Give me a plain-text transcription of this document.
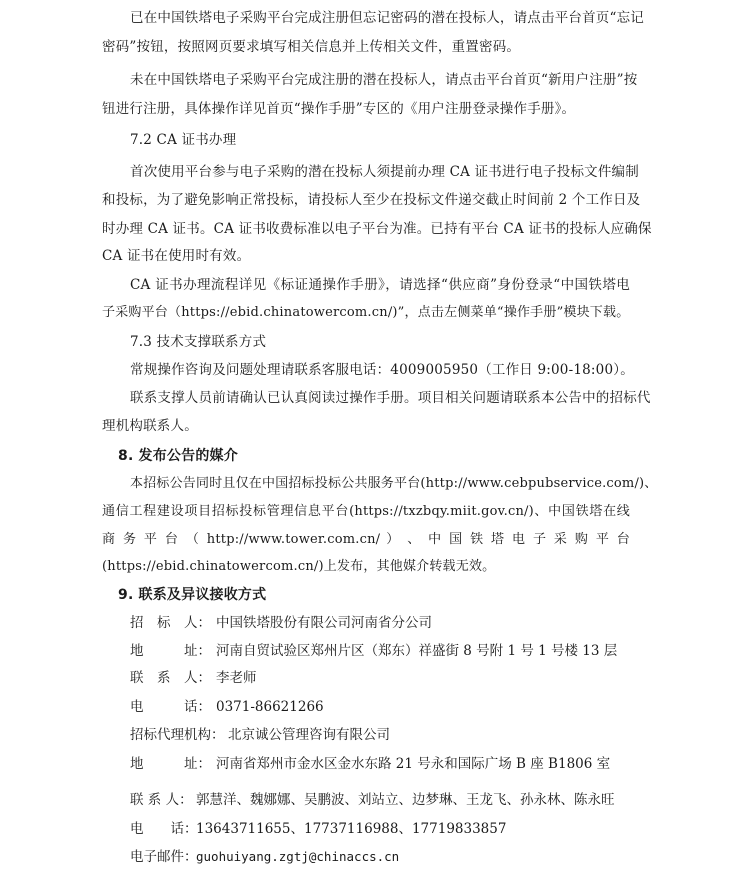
已在中国铁塔电子采购平台完成注册但忘记密码的潜在投标人，请点击平台首页“忘记
密码”按钮，按照网页要求填写相关信息并上传相关文件，重置密码。
未在中国铁塔电子采购平台完成注册的潜在投标人，请点击平台首页“新用户注册”按
钮进行注册，具体操作详见首页“操作手册”专区的《用户注册登录操作手册》。
7.2 CA 证书办理
首次使用平台参与电子采购的潜在投标人须提前办理 CA 证书进行电子投标文件编制
和投标，为了避免影响正常投标，请投标人至少在投标文件递交截止时间前 2 个工作日及
时办理 CA 证书。CA 证书收费标准以电子平台为准。已持有平台 CA 证书的投标人应确保
CA 证书在使用时有效。
CA 证书办理流程详见《标证通操作手册》，请选择“供应商”身份登录“中国铁塔电
子采购平台（https://ebid.chinatowercom.cn/)”，点击左侧菜单“操作手册”模块下载。
7.3 技术支撑联系方式
常规操作咨询及问题处理请联系客服电话：4009005950（工作日 9:00-18:00）。
联系支撑人员前请确认已认真阅读过操作手册。项目相关问题请联系本公告中的招标代
理机构联系人。
8. 发布公告的媒介
本招标公告同时且仅在中国招标投标公共服务平台(http://www.cebpubservice.com/)、
通信工程建设项目招标投标管理信息平台(https://txzbqy.miit.gov.cn/)、中国铁塔在线
商 务 平 台 （ http://www.tower.com.cn/ ） 、 中 国 铁 塔 电 子 采 购 平 台
(https://ebid.chinatowercom.cn/)上发布，其他媒介转载无效。
9. 联系及异议接收方式
招　标　人： 中国铁塔股份有限公司河南省分公司
地　　　址： 河南自贸试验区郑州片区（郑东）祥盛街 8 号附 1 号 1 号楼 13 层
联　系　人： 李老师
电　　　话： 0371-86621266
招标代理机构： 北京诚公管理咨询有限公司
地　　　址： 河南省郑州市金水区金水东路 21 号永和国际广场 B 座 B1806 室
联 系 人： 郭慧洋、魏娜娜、吴鹏波、刘站立、边梦琳、王龙飞、孙永林、陈永旺
电　　话：
13643711655、17737116988、17719833857
电子邮件：
guohuiyang.zgtj@chinaccs.cn
